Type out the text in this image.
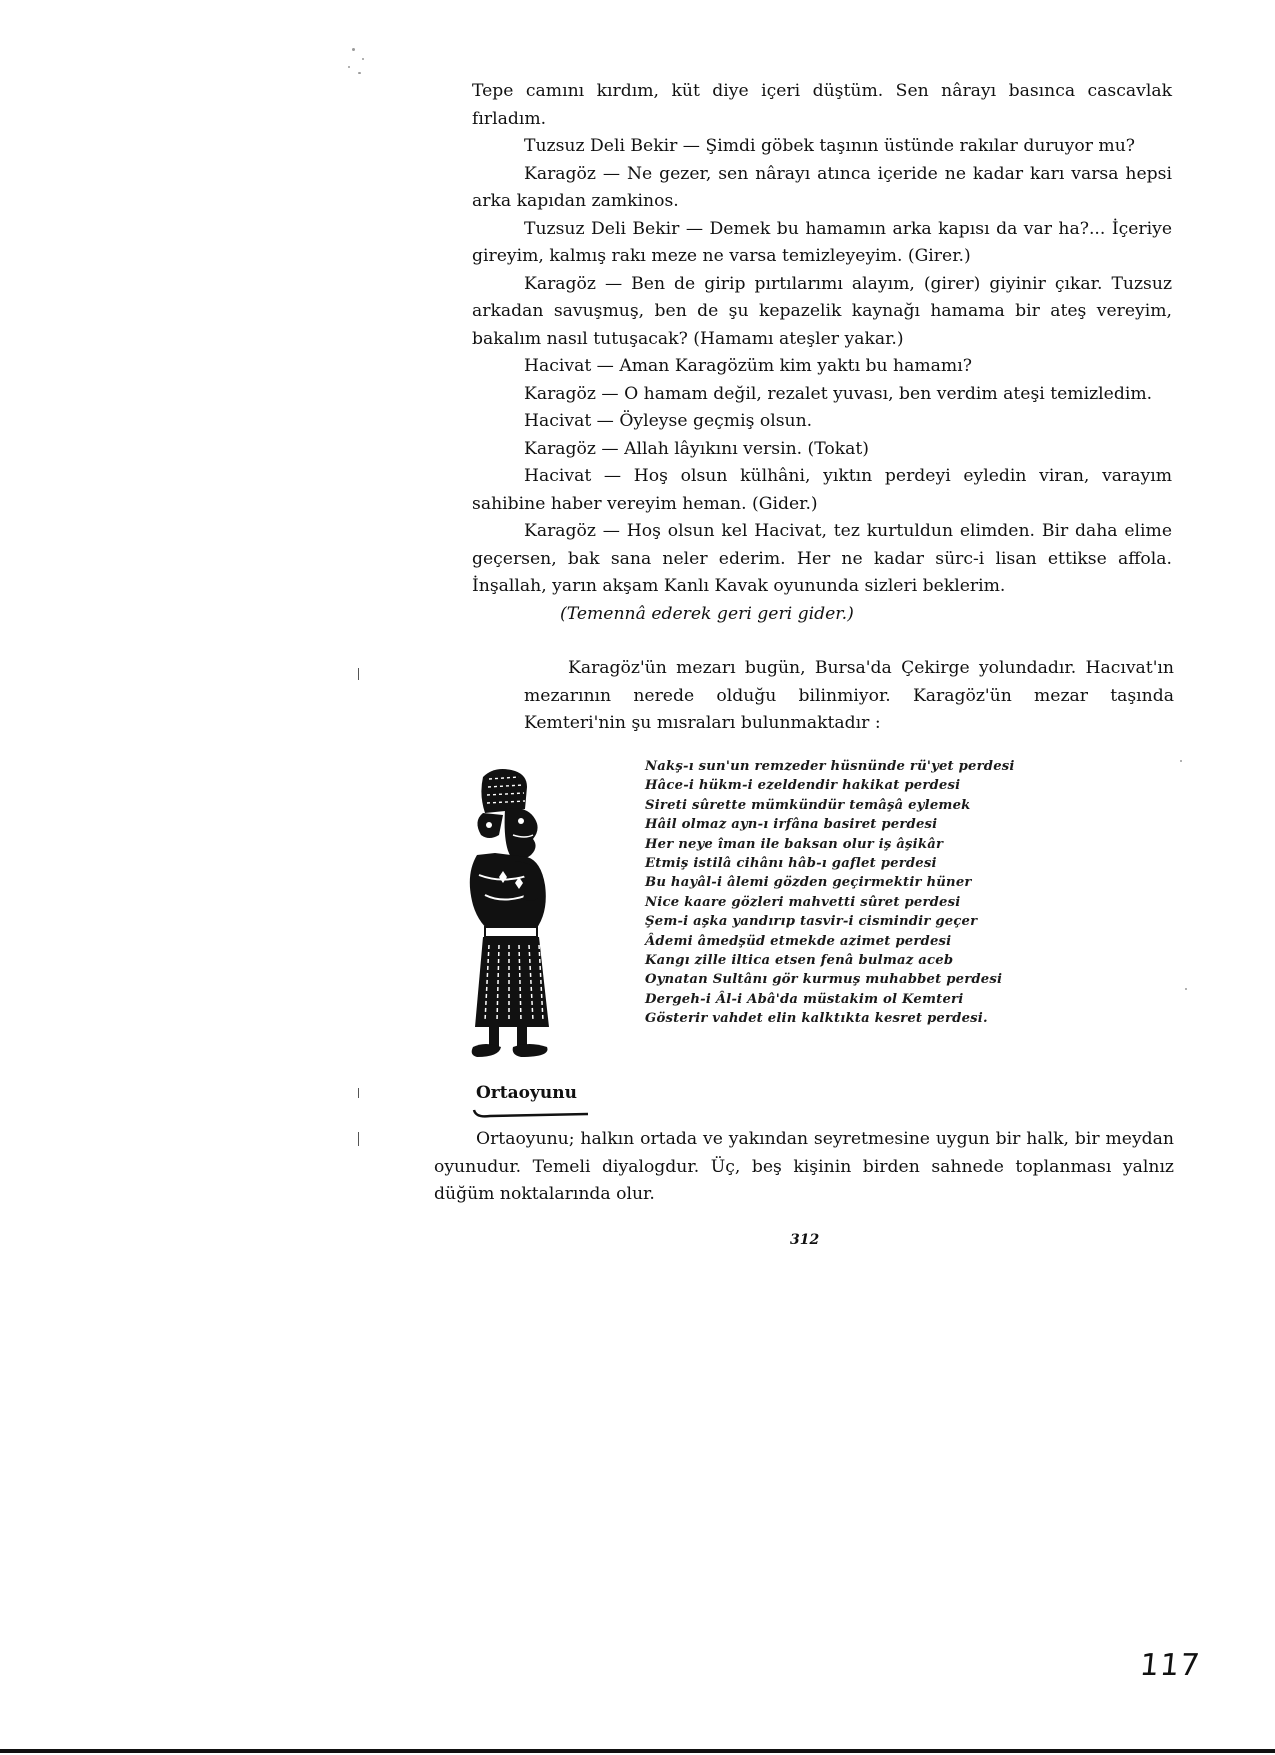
Tepe camını kırdım, küt diye içeri düştüm. Sen nârayı basınca cascavlak fırladım.

Tuzsuz Deli Bekir — Şimdi göbek taşının üstünde rakılar duruyor mu?

Karagöz — Ne gezer, sen nârayı atınca içeride ne kadar karı varsa hepsi arka kapıdan zamkinos.

Tuzsuz Deli Bekir — Demek bu hamamın arka kapısı da var ha?... İçeriye gireyim, kalmış rakı meze ne varsa temizleyeyim. (Girer.)

Karagöz — Ben de girip pırtılarımı alayım, (girer) giyinir çıkar. Tuzsuz arkadan savuşmuş, ben de şu kepazelik kaynağı hamama bir ateş vereyim, bakalım nasıl tutuşacak? (Hamamı ateşler yakar.)

Hacivat — Aman Karagözüm kim yaktı bu hamamı?

Karagöz — O hamam değil, rezalet yuvası, ben verdim ateşi temizledim.

Hacivat — Öyleyse geçmiş olsun.

Karagöz — Allah lâyıkını versin. (Tokat)

Hacivat — Hoş olsun külhâni, yıktın perdeyi eyledin viran, varayım sahibine haber vereyim heman. (Gider.)

Karagöz — Hoş olsun kel Hacivat, tez kurtuldun elimden. Bir daha elime geçersen, bak sana neler ederim. Her ne kadar sürc-i lisan ettikse affola. İnşallah, yarın akşam Kanlı Kavak oyununda sizleri beklerim.

(Temennâ ederek geri geri gider.)

Karagöz'ün mezarı bugün, Bursa'da Çekirge yolundadır. Hacıvat'ın mezarının nerede olduğu bilinmiyor. Karagöz'ün mezar taşında Kemteri'nin şu mısraları bulunmaktadır :

Nakş-ı sun'un remzeder hüsnünde rü'yet perdesi
Hâce-i hükm-i ezeldendir hakikat perdesi
Sireti sûrette mümkündür temâşâ eylemek
Hâil olmaz ayn-ı irfâna basiret perdesi
Her neye îman ile baksan olur iş âşikâr
Etmiş istilâ cihânı hâb-ı gaflet perdesi
Bu hayâl-i âlemi gözden geçirmektir hüner
Nice kaare gözleri mahvetti sûret perdesi
Şem-i aşka yandırıp tasvir-i cismindir geçer
Âdemi âmedşüd etmekde azimet perdesi
Kangı zille iltica etsen fenâ bulmaz aceb
Oynatan Sultânı gör kurmuş muhabbet perdesi
Dergeh-i Âl-i Abâ'da müstakim ol Kemteri
Gösterir vahdet elin kalktıkta kesret perdesi.
Ortaoyunu

Ortaoyunu; halkın ortada ve yakından seyretmesine uygun bir halk, bir meydan oyunudur. Temeli diyalogdur. Üç, beş kişinin birden sahnede toplanması yalnız düğüm noktalarında olur.

312
117
